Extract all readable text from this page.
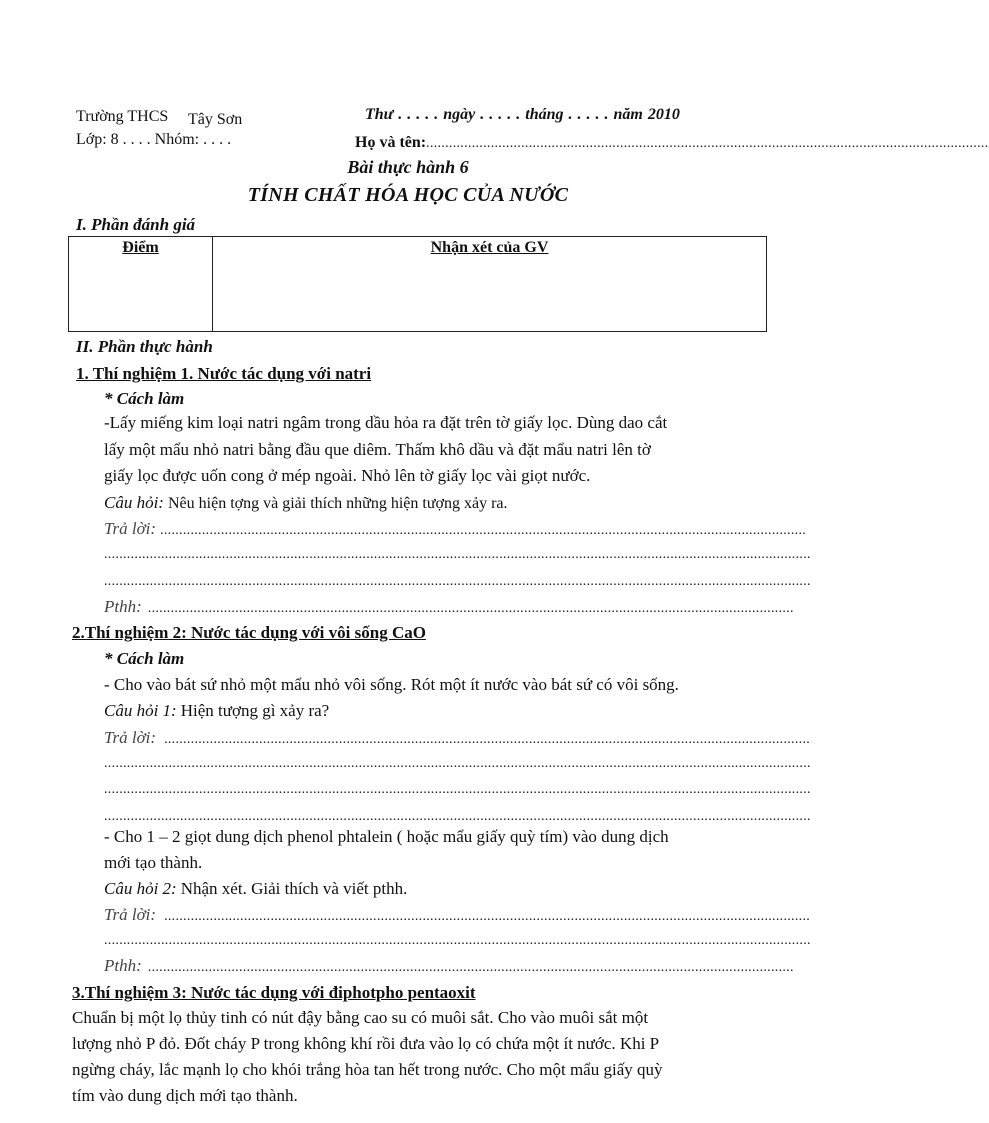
Trường THCS Tây Sơn
Lớp: 8 . . . . Nhóm: . . . .
Thư . . . . . ngày . . . . . tháng . . . . . năm 2010
Họ và tên: ....................................................................................................................................................
Bài thực hành 6
TÍNH CHẤT HÓA HỌC CỦA NƯỚC
I. Phần đánh giá
Điểm	Nhận xét của GV
II. Phần thực hành
1. Thí nghiệm 1. Nước tác dụng với natri
* Cách làm
-Lấy miếng kim loại natri ngâm trong dầu hỏa ra đặt trên tờ giấy lọc. Dùng dao cắt
lấy một mẩu nhỏ natri bằng đầu que diêm. Thấm khô dầu và đặt mẩu natri lên tờ
giấy lọc được uốn cong ở mép ngoài. Nhỏ lên tờ giấy lọc vài giọt nước.
Câu hỏi: Nêu hiện tợng và giải thích những hiện tượng xảy ra.
Trả lời: ..........................................................................................................................................................................
..........................................................................................................................................................................................
..........................................................................................................................................................................................
Pthh: ..........................................................................................................................................................................
2.Thí nghiệm 2: Nước tác dụng với vôi sống CaO
* Cách làm
- Cho vào bát sứ nhỏ một mẩu nhỏ vôi sống. Rót một ít nước vào bát sứ có vôi sống.
Câu hỏi 1: Hiện tượng gì xảy ra?
Trả lời: ..........................................................................................................................................................................
..........................................................................................................................................................................................
..........................................................................................................................................................................................
..........................................................................................................................................................................................
- Cho 1 – 2 giọt dung dịch phenol phtalein ( hoặc mẩu giấy quỳ tím) vào dung dịch
mới tạo thành.
Câu hỏi 2: Nhận xét. Giải thích và viết pthh.
Trả lời: ..........................................................................................................................................................................
..........................................................................................................................................................................................
Pthh: ..........................................................................................................................................................................
3.Thí nghiệm 3: Nước tác dụng với điphotpho pentaoxit
Chuẩn bị một lọ thủy tinh có nút đậy bằng cao su có muôi sắt. Cho vào muôi sắt một
lượng nhỏ P đỏ. Đốt cháy P trong không khí rồi đưa vào lọ có chứa một ít nước. Khi P
ngừng cháy, lắc mạnh lọ cho khói trắng hòa tan hết trong nước. Cho một mẩu giấy quỳ
tím vào dung dịch mới tạo thành.
